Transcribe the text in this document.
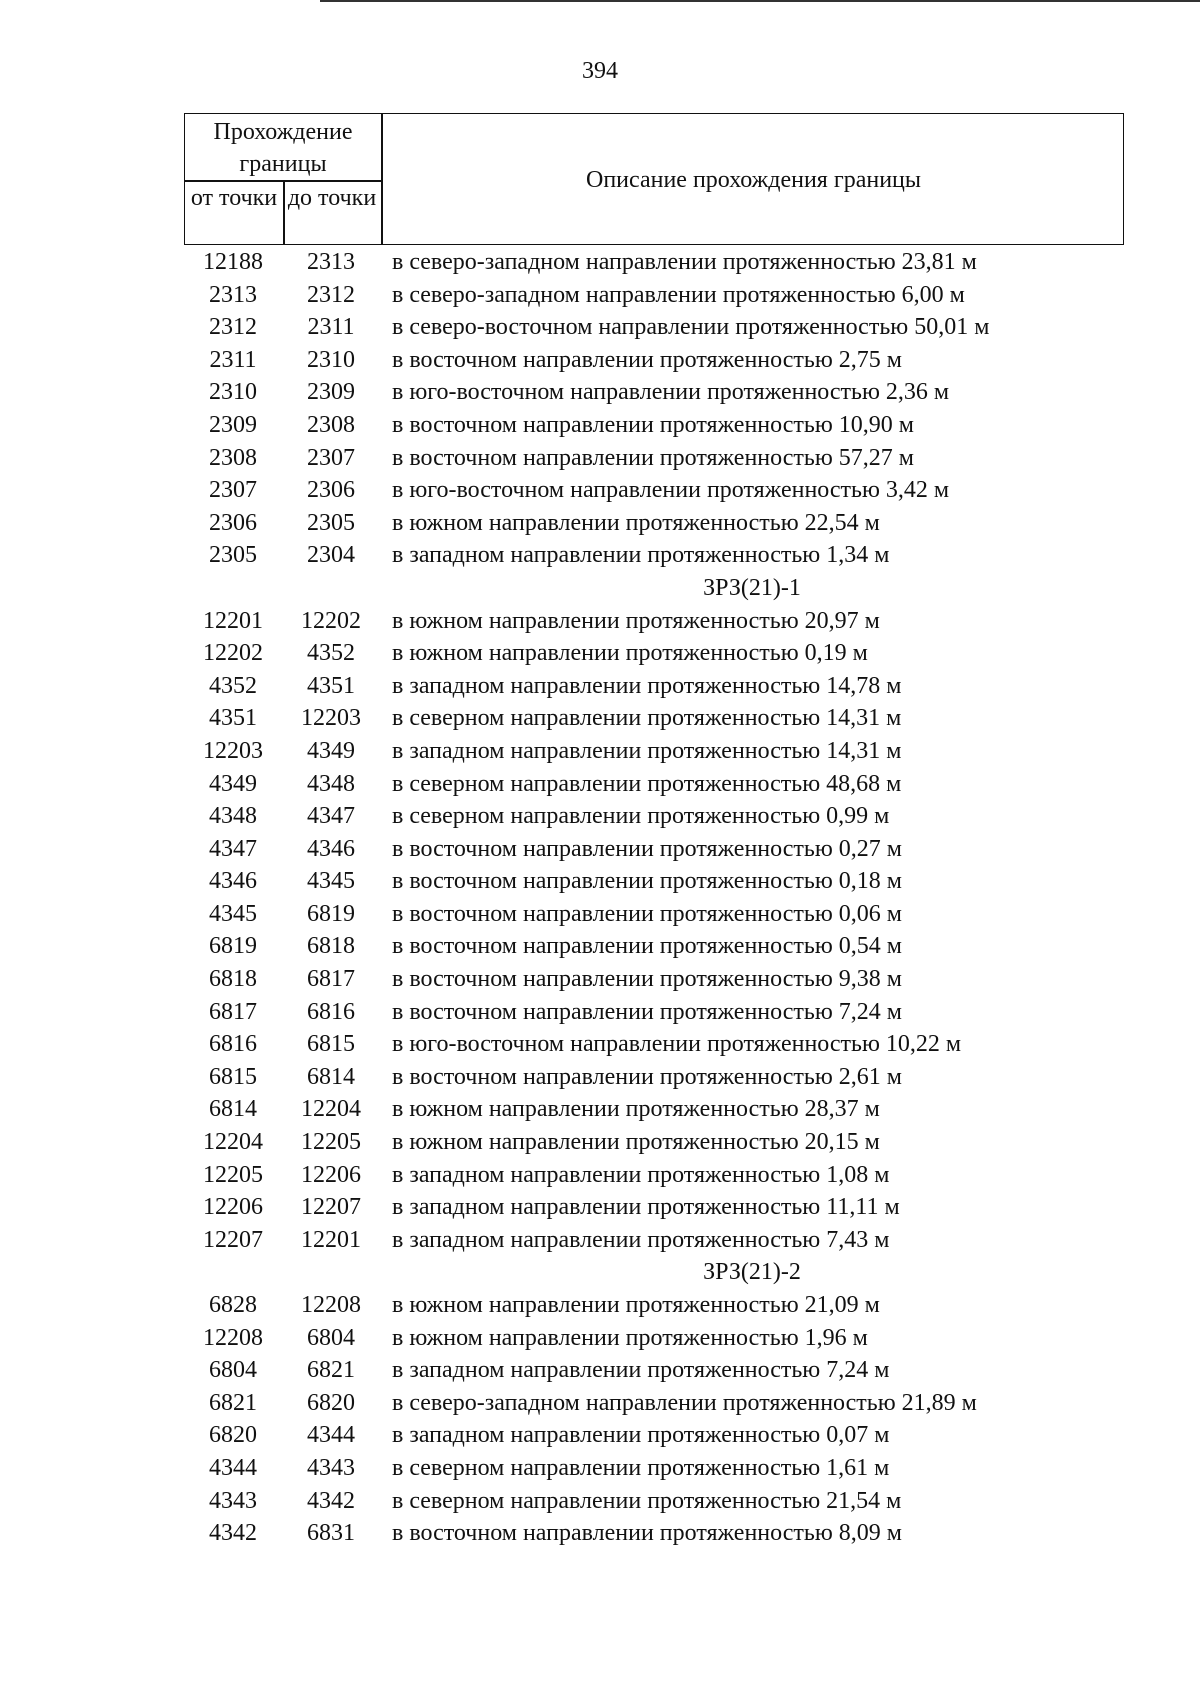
394
Прохождение границы
от точки до точки
Описание прохождения границы
12188	2313	в северо-западном направлении протяженностью 23,81 м
2313	2312	в северо-западном направлении протяженностью 6,00 м
2312	2311	в северо-восточном направлении протяженностью 50,01 м
2311	2310	в восточном направлении протяженностью 2,75 м
2310	2309	в юго-восточном направлении протяженностью 2,36 м
2309	2308	в восточном направлении протяженностью 10,90 м
2308	2307	в восточном направлении протяженностью 57,27 м
2307	2306	в юго-восточном направлении протяженностью 3,42 м
2306	2305	в южном направлении протяженностью 22,54 м
2305	2304	в западном направлении протяженностью 1,34 м
ЗРЗ(21)-1
12201	12202	в южном направлении протяженностью 20,97 м
12202	4352	в южном направлении протяженностью 0,19 м
4352	4351	в западном направлении протяженностью 14,78 м
4351	12203	в северном направлении протяженностью 14,31 м
12203	4349	в западном направлении протяженностью 14,31 м
4349	4348	в северном направлении протяженностью 48,68 м
4348	4347	в северном направлении протяженностью 0,99 м
4347	4346	в восточном направлении протяженностью 0,27 м
4346	4345	в восточном направлении протяженностью 0,18 м
4345	6819	в восточном направлении протяженностью 0,06 м
6819	6818	в восточном направлении протяженностью 0,54 м
6818	6817	в восточном направлении протяженностью 9,38 м
6817	6816	в восточном направлении протяженностью 7,24 м
6816	6815	в юго-восточном направлении протяженностью 10,22 м
6815	6814	в восточном направлении протяженностью 2,61 м
6814	12204	в южном направлении протяженностью 28,37 м
12204	12205	в южном направлении протяженностью 20,15 м
12205	12206	в западном направлении протяженностью 1,08 м
12206	12207	в западном направлении протяженностью 11,11 м
12207	12201	в западном направлении протяженностью 7,43 м
ЗРЗ(21)-2
6828	12208	в южном направлении протяженностью 21,09 м
12208	6804	в южном направлении протяженностью 1,96 м
6804	6821	в западном направлении протяженностью 7,24 м
6821	6820	в северо-западном направлении протяженностью 21,89 м
6820	4344	в западном направлении протяженностью 0,07 м
4344	4343	в северном направлении протяженностью 1,61 м
4343	4342	в северном направлении протяженностью 21,54 м
4342	6831	в восточном направлении протяженностью 8,09 м
